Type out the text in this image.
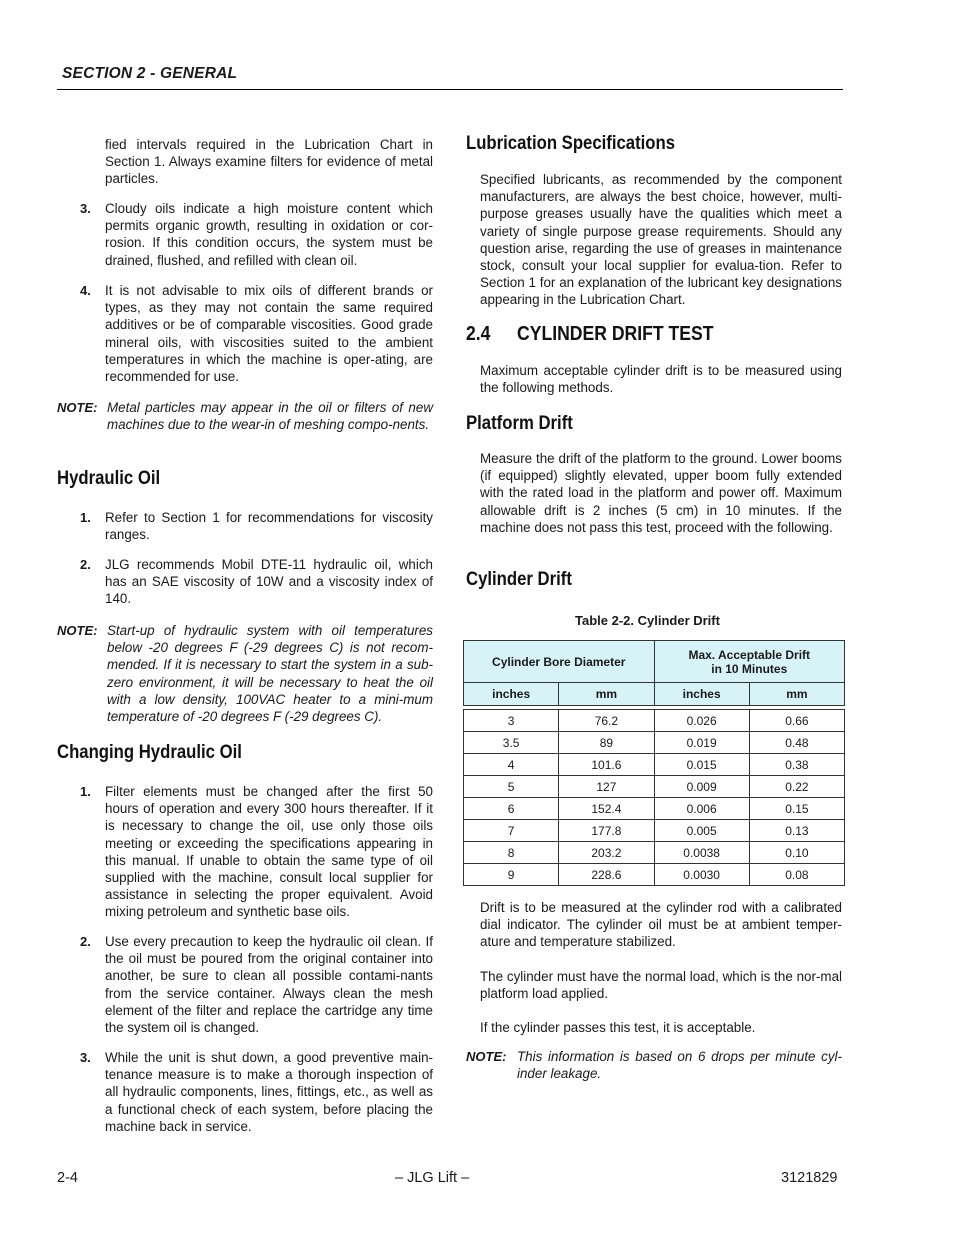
SECTION 2 - GENERAL

fied intervals required in the Lubrication Chart in Section 1. Always examine filters for evidence of metal particles.

3. Cloudy oils indicate a high moisture content which permits organic growth, resulting in oxidation or cor-rosion. If this condition occurs, the system must be drained, flushed, and refilled with clean oil.

4. It is not advisable to mix oils of different brands or types, as they may not contain the same required additives or be of comparable viscosities. Good grade mineral oils, with viscosities suited to the ambient temperatures in which the machine is oper-ating, are recommended for use.

NOTE: Metal particles may appear in the oil or filters of new machines due to the wear-in of meshing compo-nents.

Hydraulic Oil
1. Refer to Section 1 for recommendations for viscosity ranges.

2. JLG recommends Mobil DTE-11 hydraulic oil, which has an SAE viscosity of 10W and a viscosity index of 140.

NOTE: Start-up of hydraulic system with oil temperatures below -20 degrees F (-29 degrees C) is not recom-mended. If it is necessary to start the system in a sub-zero environment, it will be necessary to heat the oil with a low density, 100VAC heater to a mini-mum temperature of -20 degrees F (-29 degrees C).

Changing Hydraulic Oil
1. Filter elements must be changed after the first 50 hours of operation and every 300 hours thereafter. If it is necessary to change the oil, use only those oils meeting or exceeding the specifications appearing in this manual. If unable to obtain the same type of oil supplied with the machine, consult local supplier for assistance in selecting the proper equivalent. Avoid mixing petroleum and synthetic base oils.

2. Use every precaution to keep the hydraulic oil clean. If the oil must be poured from the original container into another, be sure to clean all possible contami-nants from the service container. Always clean the mesh element of the filter and replace the cartridge any time the system oil is changed.

3. While the unit is shut down, a good preventive main-tenance measure is to make a thorough inspection of all hydraulic components, lines, fittings, etc., as well as a functional check of each system, before placing the machine back in service.

Lubrication Specifications

Specified lubricants, as recommended by the component manufacturers, are always the best choice, however, multi-purpose greases usually have the qualities which meet a variety of single purpose grease requirements. Should any question arise, regarding the use of greases in maintenance stock, consult your local supplier for evalua-tion. Refer to Section 1 for an explanation of the lubricant key designations appearing in the Lubrication Chart.

2.4 CYLINDER DRIFT TEST

Maximum acceptable cylinder drift is to be measured using the following methods.

Platform Drift

Measure the drift of the platform to the ground. Lower booms (if equipped) slightly elevated, upper boom fully extended with the rated load in the platform and power off. Maximum allowable drift is 2 inches (5 cm) in 10 minutes. If the machine does not pass this test, proceed with the following.

Cylinder Drift
Table 2-2. Cylinder Drift
Cylinder Bore Diameter		Max. Acceptable Drift
in 10 Minutes	
inches	mm	inches	mm

3	76.2	0.026	0.66
3.5	89	0.019	0.48
4	101.6	0.015	0.38
5	127	0.009	0.22
6	152.4	0.006	0.15
7	177.8	0.005	0.13
8	203.2	0.0038	0.10
9	228.6	0.0030	0.08

Drift is to be measured at the cylinder rod with a calibrated dial indicator. The cylinder oil must be at ambient temper-ature and temperature stabilized.

The cylinder must have the normal load, which is the nor-mal platform load applied.

If the cylinder passes this test, it is acceptable.

NOTE: This information is based on 6 drops per minute cyl-inder leakage.

2-4	– JLG Lift –	3121829
